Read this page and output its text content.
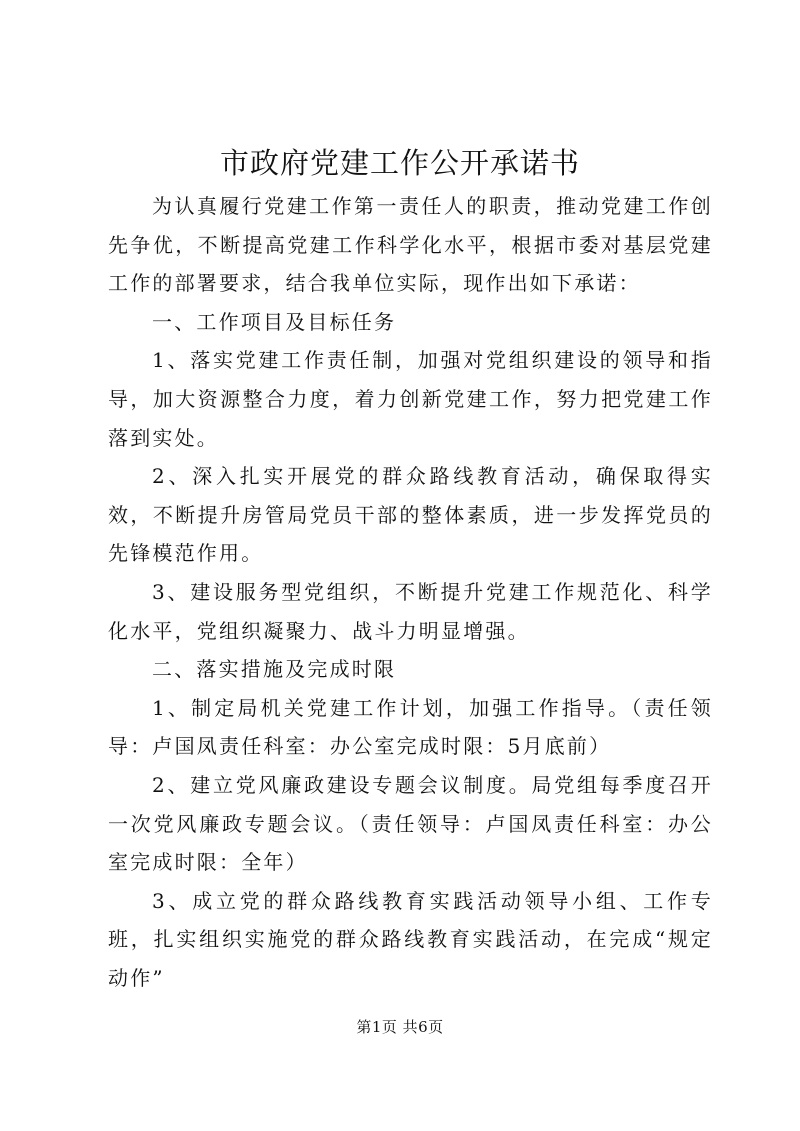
市政府党建工作公开承诺书

为认真履行党建工作第一责任人的职责，推动党建工作创先争优，不断提高党建工作科学化水平，根据市委对基层党建工作的部署要求，结合我单位实际，现作出如下承诺：

一、工作项目及目标任务

1、落实党建工作责任制，加强对党组织建设的领导和指导，加大资源整合力度，着力创新党建工作，努力把党建工作落到实处。

2、深入扎实开展党的群众路线教育活动，确保取得实效，不断提升房管局党员干部的整体素质，进一步发挥党员的先锋模范作用。

3、建设服务型党组织，不断提升党建工作规范化、科学化水平，党组织凝聚力、战斗力明显增强。

二、落实措施及完成时限

1、制定局机关党建工作计划，加强工作指导。（责任领导：卢国凤责任科室：办公室完成时限：5月底前）

2、建立党风廉政建设专题会议制度。局党组每季度召开一次党风廉政专题会议。（责任领导：卢国凤责任科室：办公室完成时限：全年）

3、成立党的群众路线教育实践活动领导小组、工作专班，扎实组织实施党的群众路线教育实践活动，在完成“规定动作”

第1页 共6页
